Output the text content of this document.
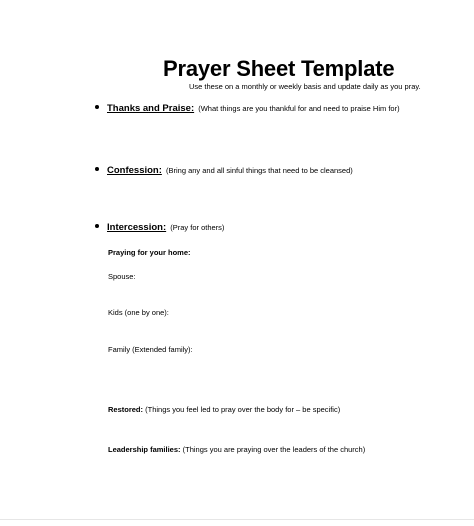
Prayer Sheet Template
Use these on a monthly or weekly basis and update daily as you pray.
Thanks and Praise: (What things are you thankful for and need to praise Him for)
Confession: (Bring any and all sinful things that need to be cleansed)
Intercession: (Pray for others)
Praying for your home:
Spouse:
Kids (one by one):
Family (Extended family):
Restored: (Things you feel led to pray over the body for – be specific)
Leadership families: (Things you are praying over the leaders of the church)
